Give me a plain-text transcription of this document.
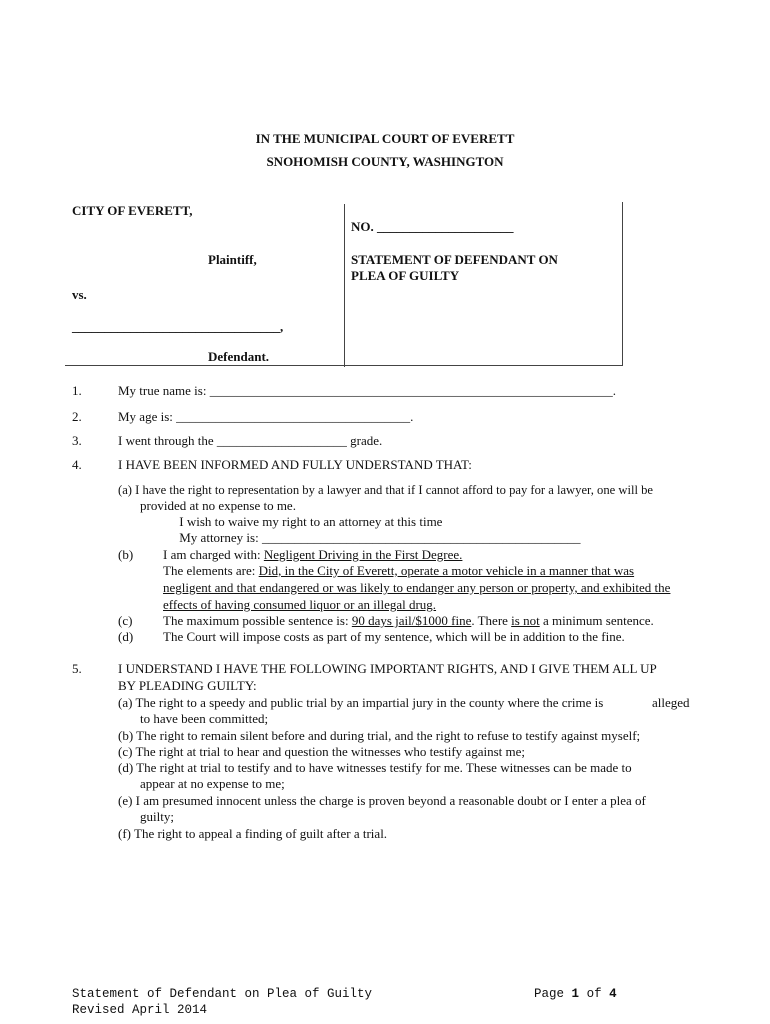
IN THE MUNICIPAL COURT OF EVERETT
SNOHOMISH COUNTY, WASHINGTON
CITY OF EVERETT,
Plaintiff,
vs.
________________________________,
Defendant.
NO. _____________________
STATEMENT OF DEFENDANT ON
PLEA OF GUILTY
1.	My true name is: ______________________________________________________________.
2.	My age is: ____________________________________.
3.	I went through the ____________________ grade.
4.	I HAVE BEEN INFORMED AND FULLY UNDERSTAND THAT:
(a) I have the right to representation by a lawyer and that if I cannot afford to pay for a lawyer, one will be
provided at no expense to me.
I wish to waive my right to an attorney at this time
My attorney is: _________________________________________________
(b) I am charged with: Negligent Driving in the First Degree.
The elements are: Did, in the City of Everett, operate a motor vehicle in a manner that was
negligent and that endangered or was likely to endanger any person or property, and exhibited the
effects of having consumed liquor or an illegal drug.
(c) The maximum possible sentence is: 90 days jail/$1000 fine. There is not a minimum sentence.
(d) The Court will impose costs as part of my sentence, which will be in addition to the fine.
5.	I UNDERSTAND I HAVE THE FOLLOWING IMPORTANT RIGHTS, AND I GIVE THEM ALL UP
BY PLEADING GUILTY:
(a) The right to a speedy and public trial by an impartial jury in the county where the crime is	alleged
to have been committed;
(b) The right to remain silent before and during trial, and the right to refuse to testify against myself;
(c) The right at trial to hear and question the witnesses who testify against me;
(d) The right at trial to testify and to have witnesses testify for me. These witnesses can be made to
appear at no expense to me;
(e) I am presumed innocent unless the charge is proven beyond a reasonable doubt or I enter a plea of
guilty;
(f) The right to appeal a finding of guilt after a trial.
Statement of Defendant on Plea of Guilty
Revised April 2014
Page 1 of 4
